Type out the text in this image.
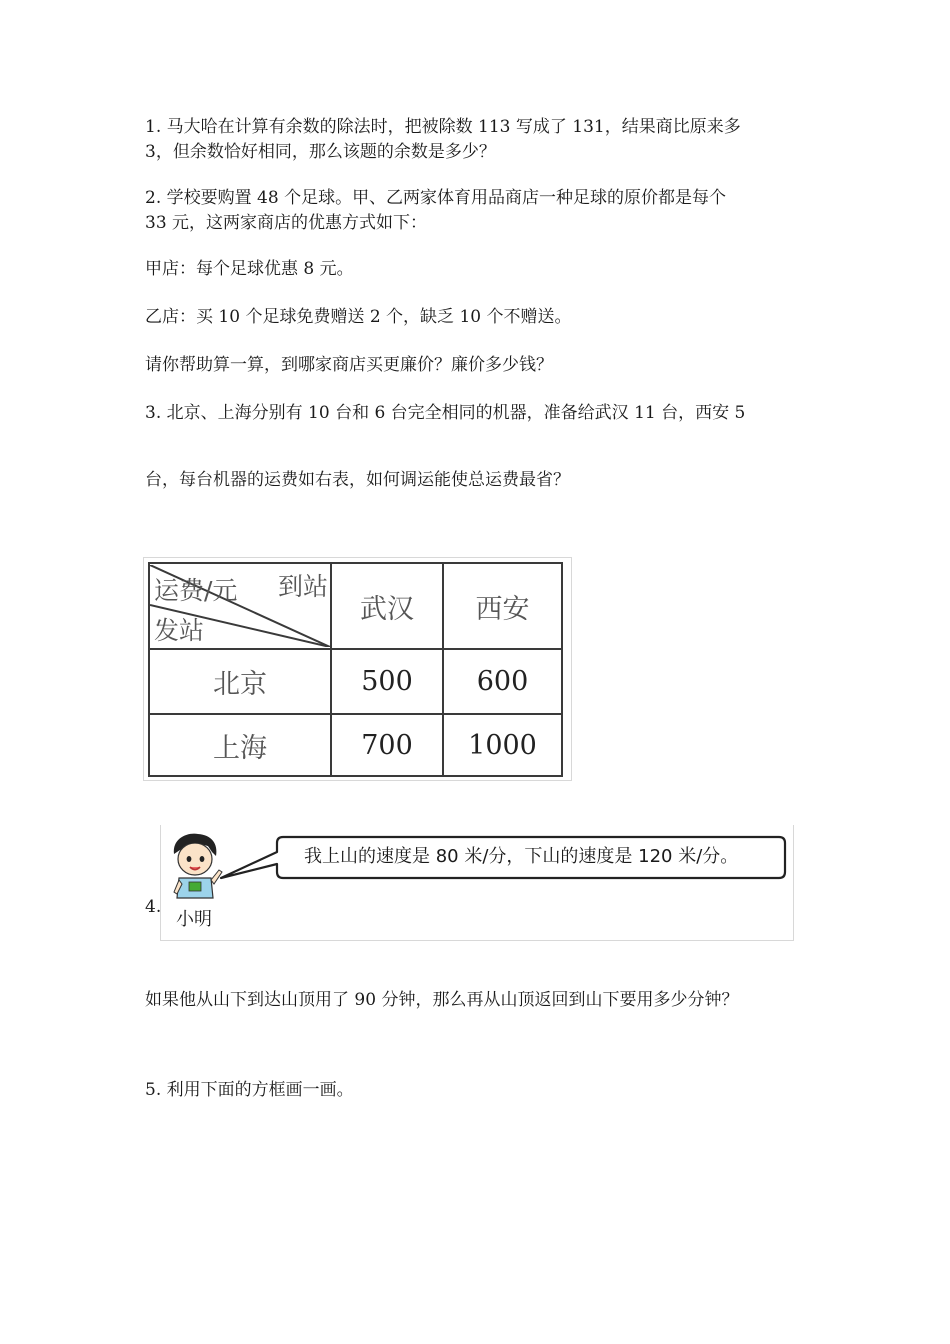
1. 马大哈在计算有余数的除法时，把被除数 113 写成了 131，结果商比原来多
3，但余数恰好相同，那么该题的余数是多少？
2. 学校要购置 48 个足球。甲、乙两家体育用品商店一种足球的原价都是每个
33 元，这两家商店的优惠方式如下：
甲店：每个足球优惠 8 元。
乙店：买 10 个足球免费赠送 2 个，缺乏 10 个不赠送。
请你帮助算一算，到哪家商店买更廉价？廉价多少钱？
3. 北京、上海分别有 10 台和 6 台完全相同的机器，准备给武汉 11 台，西安 5
台，每台机器的运费如右表，如何调运能使总运费最省？
运费/元 到站
发站	武汉	西安
北京	500	600
上海	700	1000
4.
小明
我上山的速度是 80 米/分，下山的速度是 120 米/分。
如果他从山下到达山顶用了 90 分钟，那么再从山顶返回到山下要用多少分钟？
5. 利用下面的方框画一画。
